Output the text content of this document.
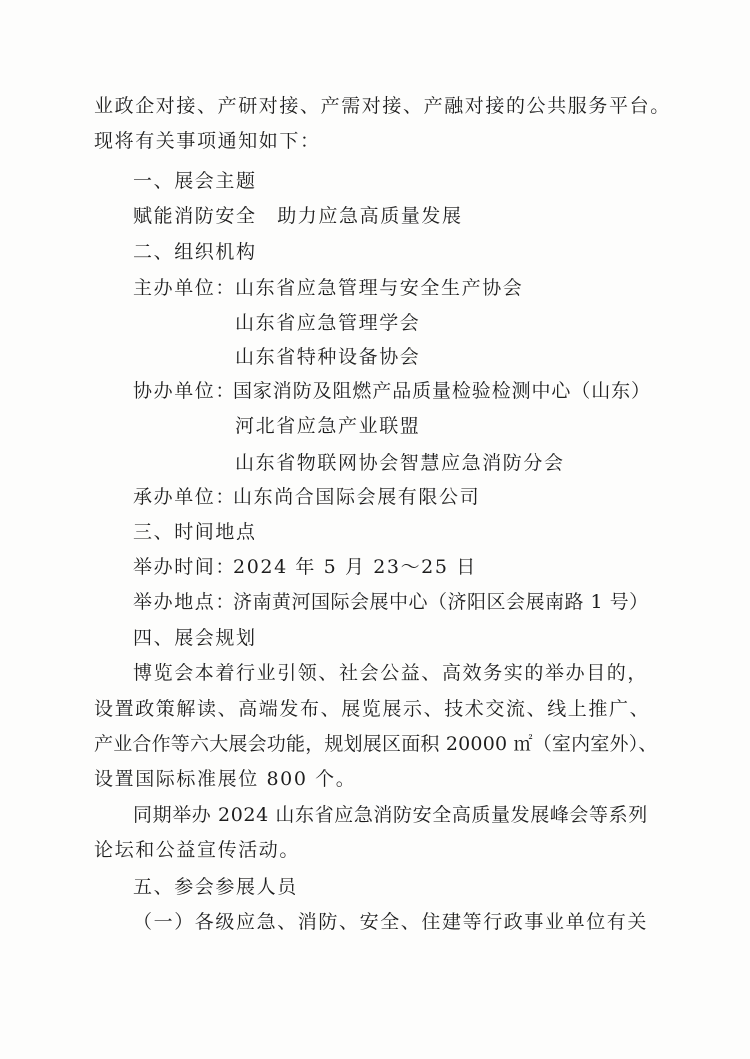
业政企对接、产研对接、产需对接、产融对接的公共服务平台。
现将有关事项通知如下：
一、展会主题
赋能消防安全　助力应急高质量发展
二、组织机构
主办单位：
山东省应急管理与安全生产协会
山东省应急管理学会
山东省特种设备协会
协办单位：
国家消防及阻燃产品质量检验检测中心（山东）
河北省应急产业联盟
山东省物联网协会智慧应急消防分会
承办单位：
山东尚合国际会展有限公司
三、时间地点
举办时间：
2024 年 5 月 23～25 日
举办地点：
济南黄河国际会展中心（济阳区会展南路 1 号）
四、展会规划
博览会本着行业引领、社会公益、高效务实的举办目的，
设置政策解读、高端发布、展览展示、技术交流、线上推广、
产业合作等六大展会功能，规划展区面积 20000 ㎡（室内室外）、
设置国际标准展位 800 个。
同期举办 2024 山东省应急消防安全高质量发展峰会等系列
论坛和公益宣传活动。
五、参会参展人员
（一）各级应急、消防、安全、住建等行政事业单位有关
